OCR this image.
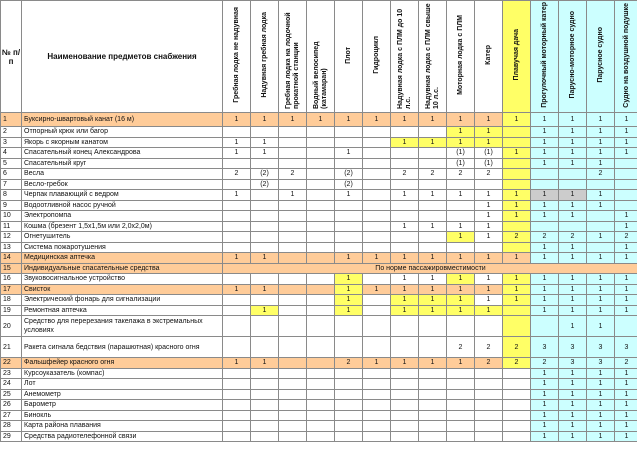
№ п/п	Наименование предметов снабжения	Гребная лодка не надувная	Надувная гребная лодка	Гребная лодка на лодочной прокатной станции	Водный велосипед (катамаран)	Плот	Гидроцикл	Надувная лодка с ПЛМ до 10 л.с.	Надувная лодка с ПЛМ свыше 10 л.с.	Моторная лодка с ПЛМ	Катер	Плавучая дача	Прогулочный моторный катер	Парусно-моторное судно	Парусное судно	Судно на воздушной подушке
1	Буксирно-швартовый канат (16 м)	1	1	1	1	1	1	1	1	1	1	1	1	1	1	1
2	Отпорный крюк или багор									1	1		1	1	1	1
3	Якорь с якорным канатом	1	1					1	1	1	1		1	1	1	1
4	Спасательный конец Александрова	1	1			1				(1)	(1)	1	1	1	1	1
5	Спасательный круг									(1)	(1)		1	1	1	
6	Весла	2	(2)	2		(2)		2	2	2	2				2	
7	Весло-гребок		(2)			(2)										
8	Черпак плавающий с ведром	1		1		1		1	1	1	1	1	1	1	1	
9	Водоотливной насос ручной										1	1	1	1	1	
10	Электропомпа										1	1	1	1		1
11	Кошма (брезент 1,5х1,5м или 2,0х2,0м)							1	1	1	1					1
12	Огнетушитель									1	1	2	2	2	1	2
13	Система пожаротушения												1	1		1
14	Медицинская аптечка	1	1			1	1	1	1	1	1	1	1	1	1	1
15	Индивидуальные спасательные средства	По норме пассажировместимости														
16	Звуковосигнальное устройство					1		1	1	1	1	1	1	1	1	1
17	Свисток	1	1			1	1	1	1	1	1	1	1	1	1	1
18	Электрический фонарь для сигнализации					1		1	1	1	1	1	1	1	1	1
19	Ремонтная аптечка		1			1		1	1	1	1		1	1	1	1
20	Средство для перерезания такелажа в экстремальных условиях													1	1	
21	Ракета сигнала бедствия (парашютная) красного огня									2	2	2	3	3	3	3
22	Фальшфейер красного огня	1	1			2	1	1	1	1	2	2	2	3	3	2
23	Курсоуказатель (компас)												1	1	1	1
24	Лот												1	1	1	1
25	Анемометр												1	1	1	1
26	Барометр												1	1	1	1
27	Бинокль												1	1	1	1
28	Карта района плавания												1	1	1	1
29	Средства радиотелефонной связи												1	1	1	1
